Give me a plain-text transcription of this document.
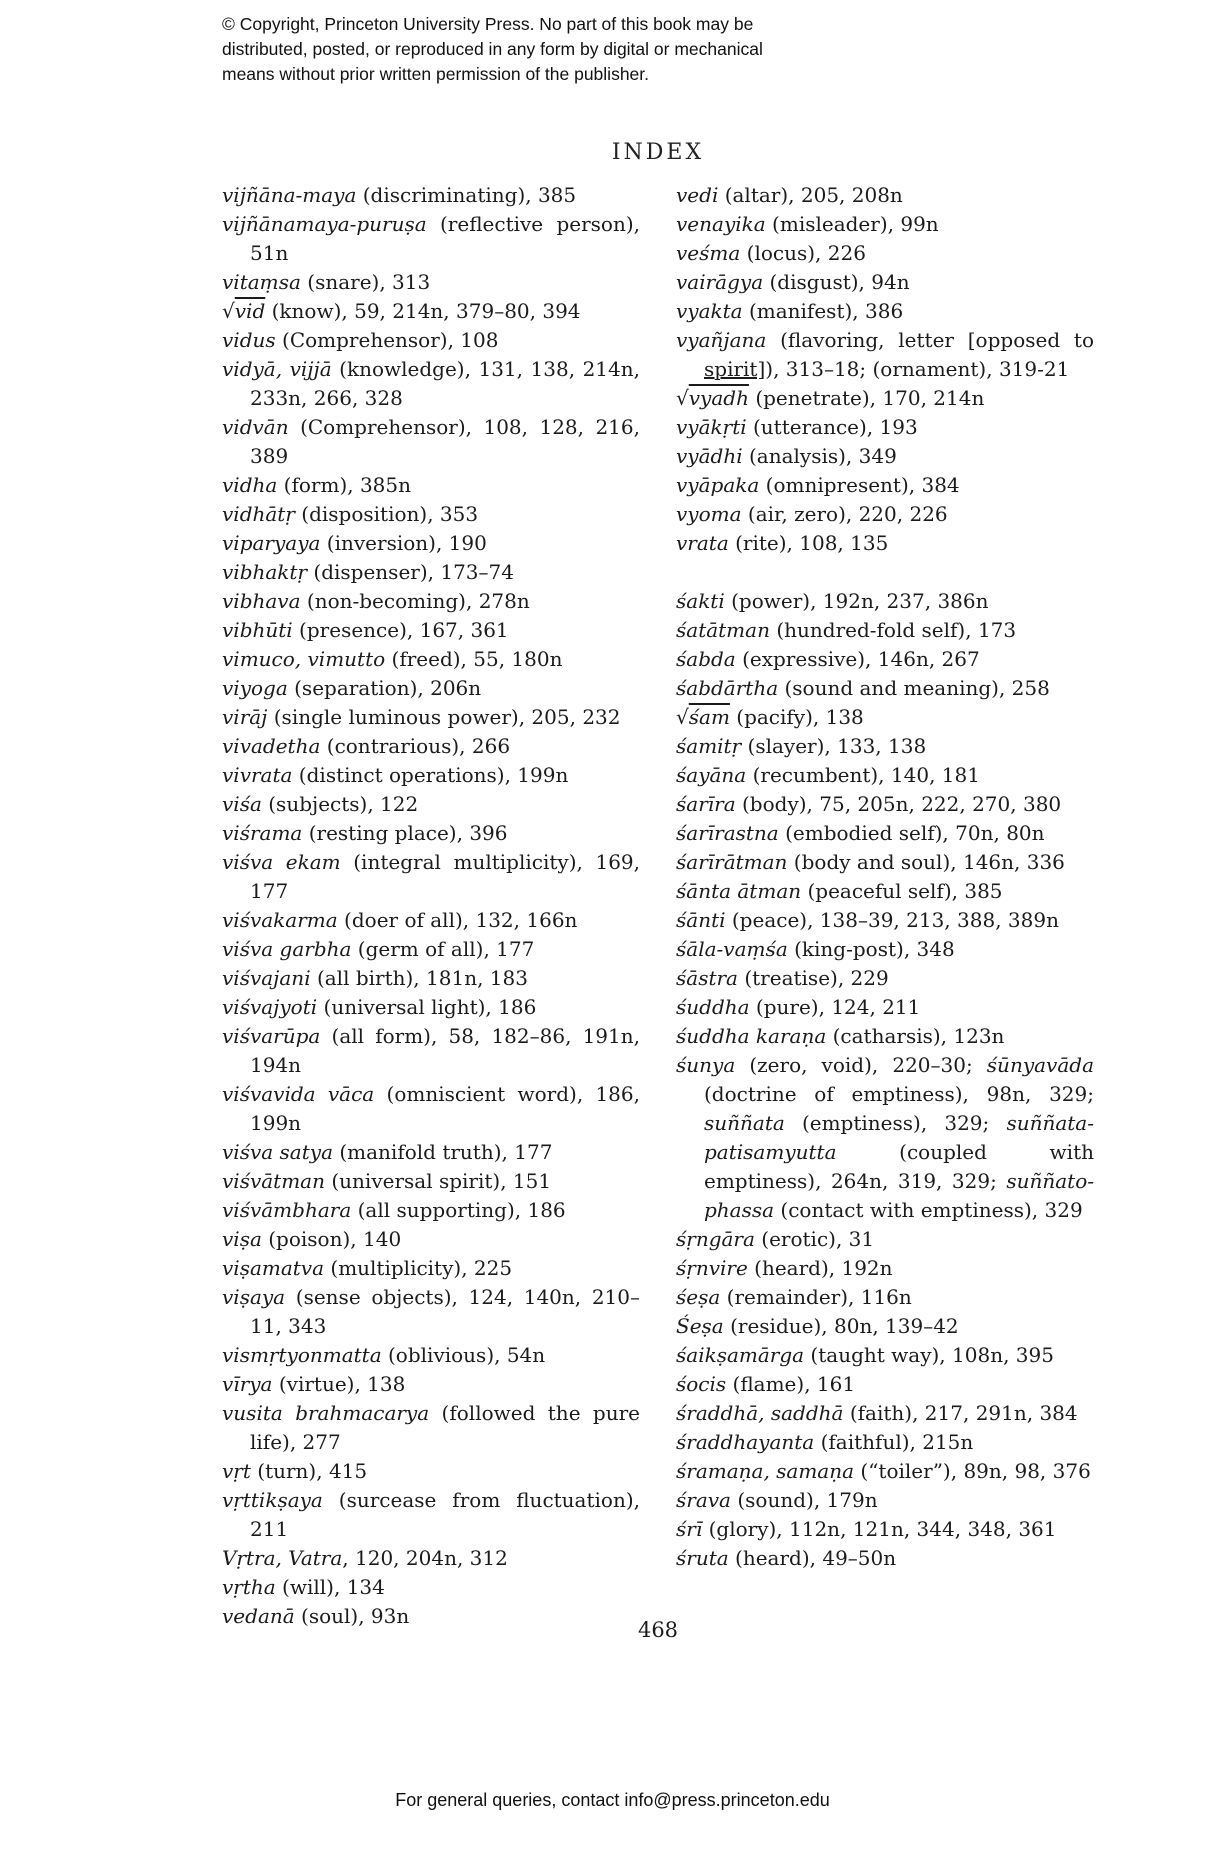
© Copyright, Princeton University Press. No part of this book may be
distributed, posted, or reproduced in any form by digital or mechanical
means without prior written permission of the publisher.
INDEX
vijñāna-maya (discriminating), 385
vijñānamaya-puruṣa (reflective person), 51n
vitaṃsa (snare), 313
√vid (know), 59, 214n, 379–80, 394
vidus (Comprehensor), 108
vidyā, vijjā (knowledge), 131, 138, 214n, 233n, 266, 328
vidvān (Comprehensor), 108, 128, 216, 389
vidha (form), 385n
vidhātṛ (disposition), 353
viparyaya (inversion), 190
vibhaktṛ (dispenser), 173–74
vibhava (non-becoming), 278n
vibhūti (presence), 167, 361
vimuco, vimutto (freed), 55, 180n
viyoga (separation), 206n
virāj (single luminous power), 205, 232
vivadetha (contrarious), 266
vivrata (distinct operations), 199n
viśa (subjects), 122
viśrama (resting place), 396
viśva ekam (integral multiplicity), 169, 177
viśvakarma (doer of all), 132, 166n
viśva garbha (germ of all), 177
viśvajani (all birth), 181n, 183
viśvajyoti (universal light), 186
viśvarūpa (all form), 58, 182–86, 191n, 194n
viśvavida vāca (omniscient word), 186, 199n
viśva satya (manifold truth), 177
viśvātman (universal spirit), 151
viśvāmbhara (all supporting), 186
viṣa (poison), 140
viṣamatva (multiplicity), 225
viṣaya (sense objects), 124, 140n, 210–11, 343
vismṛtyonmatta (oblivious), 54n
vīrya (virtue), 138
vusita brahmacarya (followed the pure life), 277
vṛt (turn), 415
vṛttikṣaya (surcease from fluctuation), 211
Vṛtra, Vatra, 120, 204n, 312
vṛtha (will), 134
vedanā (soul), 93n
vedi (altar), 205, 208n
venayika (misleader), 99n
veśma (locus), 226
vairāgya (disgust), 94n
vyakta (manifest), 386
vyañjana (flavoring, letter [opposed to spirit]), 313–18; (ornament), 319-21
√vyadh (penetrate), 170, 214n
vyākṛti (utterance), 193
vyādhi (analysis), 349
vyāpaka (omnipresent), 384
vyoma (air, zero), 220, 226
vrata (rite), 108, 135
śakti (power), 192n, 237, 386n
śatātman (hundred-fold self), 173
śabda (expressive), 146n, 267
śabdārtha (sound and meaning), 258
√śam (pacify), 138
śamitṛ (slayer), 133, 138
śayāna (recumbent), 140, 181
śarīra (body), 75, 205n, 222, 270, 380
śarīrastna (embodied self), 70n, 80n
śarīrātman (body and soul), 146n, 336
śānta ātman (peaceful self), 385
śānti (peace), 138–39, 213, 388, 389n
śāla-vaṃśa (king-post), 348
śāstra (treatise), 229
śuddha (pure), 124, 211
śuddha karaṇa (catharsis), 123n
śunya (zero, void), 220–30; śūnyavāda (doctrine of emptiness), 98n, 329; suññata (emptiness), 329; suññata-patisamyutta (coupled with emptiness), 264n, 319, 329; suññato-phassa (contact with emptiness), 329
śṛngāra (erotic), 31
śṛnvire (heard), 192n
śeṣa (remainder), 116n
Śeṣa (residue), 80n, 139–42
śaikṣamārga (taught way), 108n, 395
śocis (flame), 161
śraddhā, saddhā (faith), 217, 291n, 384
śraddhayanta (faithful), 215n
śramaṇa, samaṇa (“toiler”), 89n, 98, 376
śrava (sound), 179n
śrī (glory), 112n, 121n, 344, 348, 361
śruta (heard), 49–50n
468
For general queries, contact info@press.princeton.edu
